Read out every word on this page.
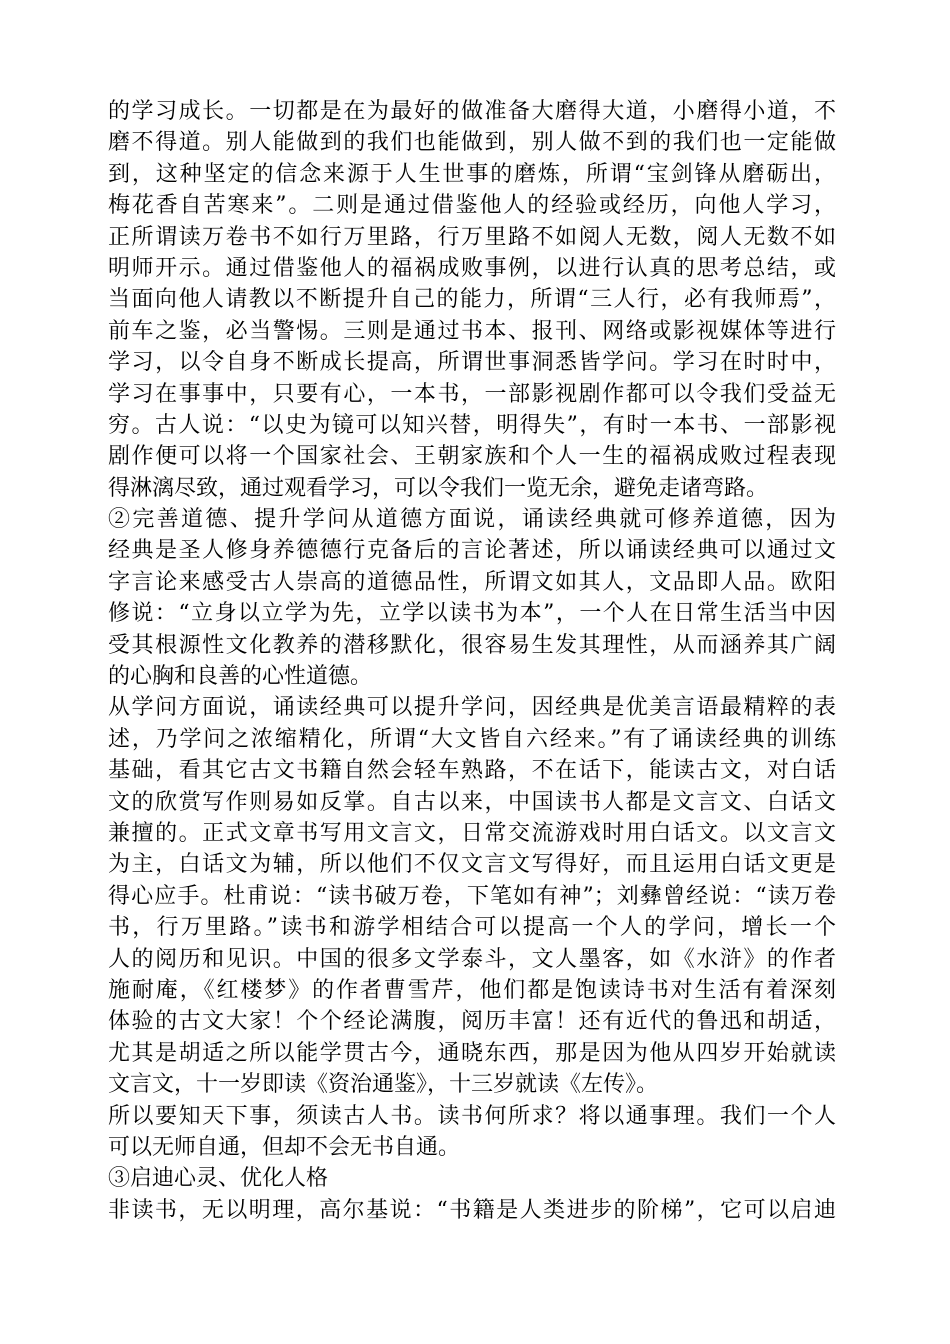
的学习成长。一切都是在为最好的做准备大磨得大道，小磨得小道，不
磨不得道。别人能做到的我们也能做到，别人做不到的我们也一定能做
到，这种坚定的信念来源于人生世事的磨炼，所谓“宝剑锋从磨砺出，
梅花香自苦寒来”。二则是通过借鉴他人的经验或经历，向他人学习，
正所谓读万卷书不如行万里路，行万里路不如阅人无数，阅人无数不如
明师开示。通过借鉴他人的福祸成败事例，以进行认真的思考总结，或
当面向他人请教以不断提升自己的能力，所谓“三人行，必有我师焉”，
前车之鉴，必当警惕。三则是通过书本、报刊、网络或影视媒体等进行
学习，以令自身不断成长提高，所谓世事洞悉皆学问。学习在时时中，
学习在事事中，只要有心，一本书，一部影视剧作都可以令我们受益无
穷。古人说：“以史为镜可以知兴替，明得失”，有时一本书、一部影视
剧作便可以将一个国家社会、王朝家族和个人一生的福祸成败过程表现
得淋漓尽致，通过观看学习，可以令我们一览无余，避免走诸弯路。
②完善道德、提升学问从道德方面说，诵读经典就可修养道德，因为
经典是圣人修身养德德行克备后的言论著述，所以诵读经典可以通过文
字言论来感受古人崇高的道德品性，所谓文如其人，文品即人品。欧阳
修说：“立身以立学为先，立学以读书为本”，一个人在日常生活当中因
受其根源性文化教养的潜移默化，很容易生发其理性，从而涵养其广阔
的心胸和良善的心性道德。
从学问方面说，诵读经典可以提升学问，因经典是优美言语最精粹的表
述，乃学问之浓缩精化，所谓“大文皆自六经来。”有了诵读经典的训练
基础，看其它古文书籍自然会轻车熟路，不在话下，能读古文，对白话
文的欣赏写作则易如反掌。自古以来，中国读书人都是文言文、白话文
兼擅的。正式文章书写用文言文，日常交流游戏时用白话文。以文言文
为主，白话文为辅，所以他们不仅文言文写得好，而且运用白话文更是
得心应手。杜甫说：“读书破万卷，下笔如有神”；刘彝曾经说：“读万卷
书，行万里路。”读书和游学相结合可以提高一个人的学问，增长一个
人的阅历和见识。中国的很多文学泰斗，文人墨客，如《水浒》的作者
施耐庵，《红楼梦》的作者曹雪芹，他们都是饱读诗书对生活有着深刻
体验的古文大家！个个经论满腹，阅历丰富！还有近代的鲁迅和胡适，
尤其是胡适之所以能学贯古今，通晓东西，那是因为他从四岁开始就读
文言文，十一岁即读《资治通鉴》，十三岁就读《左传》。
所以要知天下事，须读古人书。读书何所求？将以通事理。我们一个人
可以无师自通，但却不会无书自通。
③启迪心灵、优化人格
非读书，无以明理，高尔基说：“书籍是人类进步的阶梯”，它可以启迪
